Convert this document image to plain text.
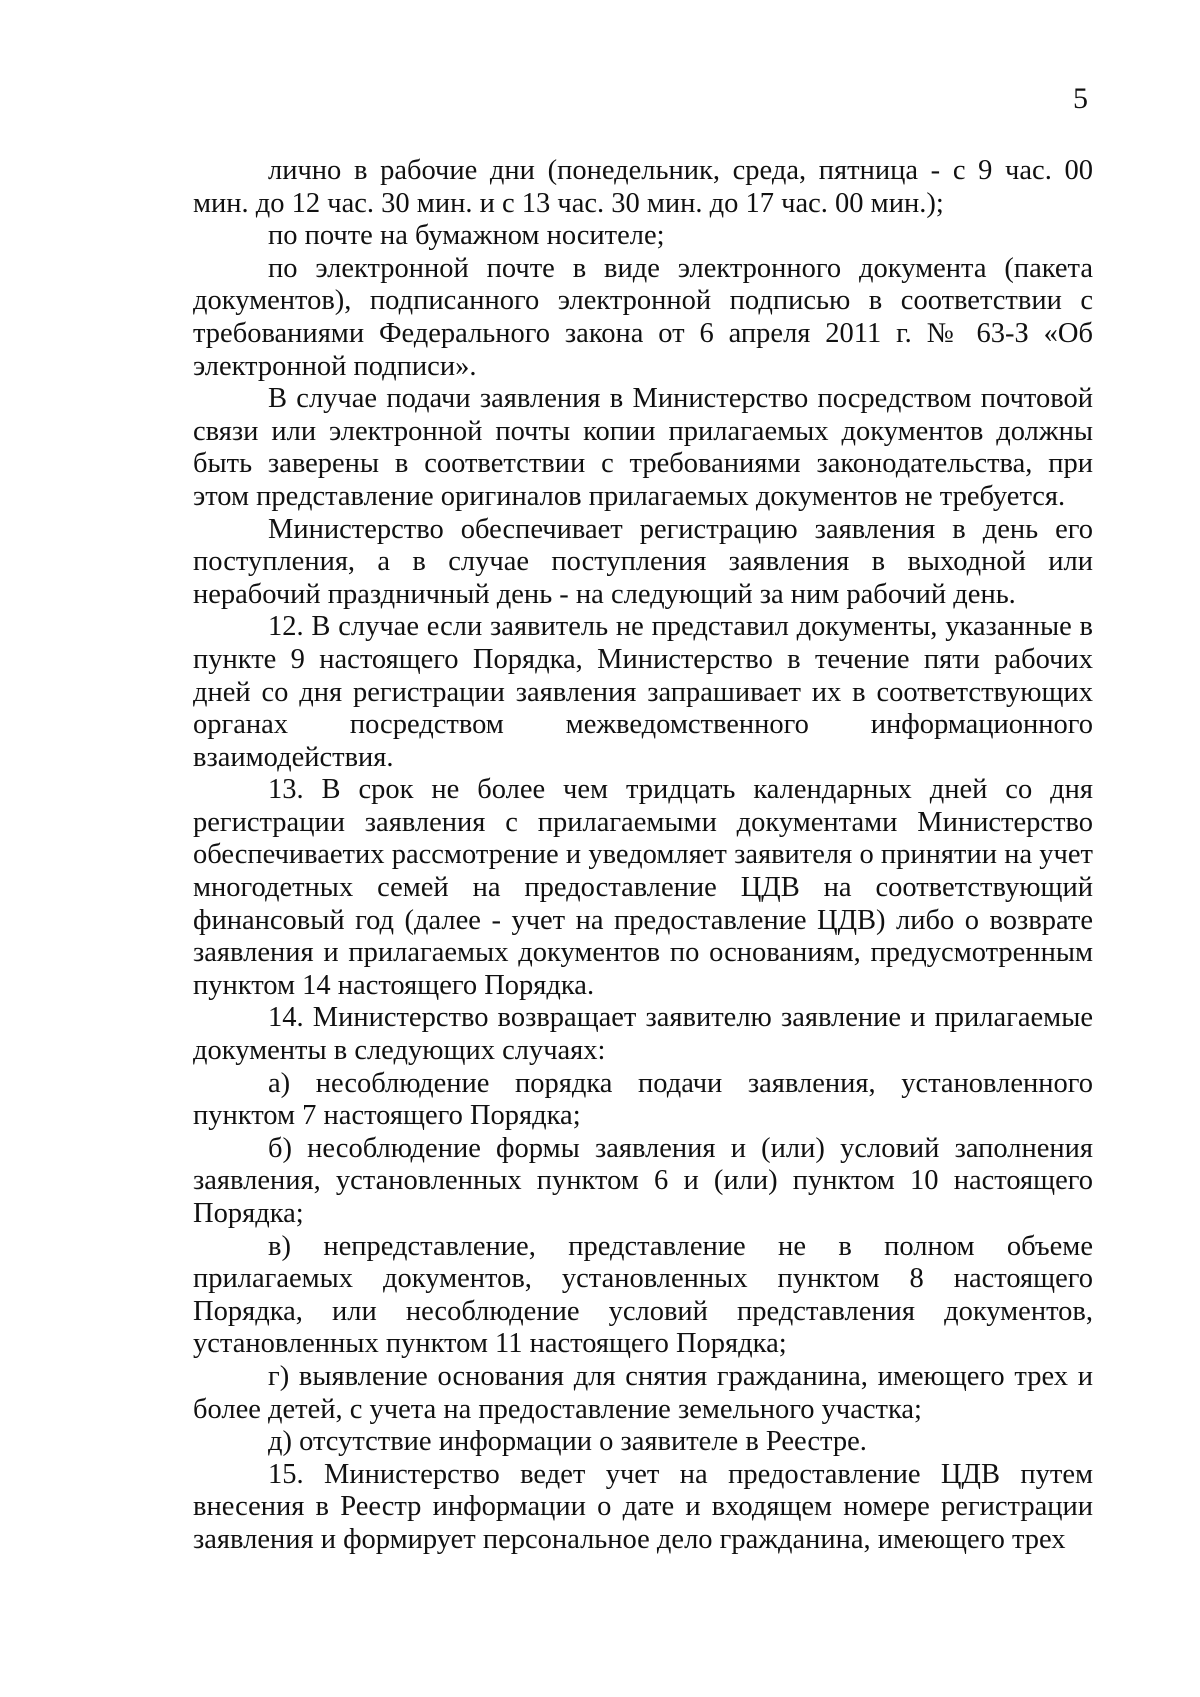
5

лично в рабочие дни (понедельник, среда, пятница - с 9 час. 00 мин. до 12 час. 30 мин. и с 13 час. 30 мин. до 17 час. 00 мин.);

по почте на бумажном носителе;

по электронной почте в виде электронного документа (пакета документов), подписанного электронной подписью в соответствии с требованиями Федерального закона от 6 апреля 2011 г. № 63-З «Об электронной подписи».

В случае подачи заявления в Министерство посредством почтовой связи или электронной почты копии прилагаемых документов должны быть заверены в соответствии с требованиями законодательства, при этом представление оригиналов прилагаемых документов не требуется.

Министерство обеспечивает регистрацию заявления в день его поступления, а в случае поступления заявления в выходной или нерабочий праздничный день - на следующий за ним рабочий день.

12. В случае если заявитель не представил документы, указанные в пункте 9 настоящего Порядка, Министерство в течение пяти рабочих дней со дня регистрации заявления запрашивает их в соответствующих органах посредством межведомственного информационного взаимодействия.

13. В срок не более чем тридцать календарных дней со дня регистрации заявления с прилагаемыми документами Министерство обеспечиваетих рассмотрение и уведомляет заявителя о принятии на учет многодетных семей на предоставление ЦДВ на соответствующий финансовый год (далее - учет на предоставление ЦДВ) либо о возврате заявления и прилагаемых документов по основаниям, предусмотренным пунктом 14 настоящего Порядка.

14. Министерство возвращает заявителю заявление и прилагаемые документы в следующих случаях:

а) несоблюдение порядка подачи заявления, установленного пунктом 7 настоящего Порядка;

б) несоблюдение формы заявления и (или) условий заполнения заявления, установленных пунктом 6 и (или) пунктом 10 настоящего Порядка;

в) непредставление, представление не в полном объеме прилагаемых документов, установленных пунктом 8 настоящего Порядка, или несоблюдение условий представления документов, установленных пунктом 11 настоящего Порядка;

г) выявление основания для снятия гражданина, имеющего трех и более детей, с учета на предоставление земельного участка;

д) отсутствие информации о заявителе в Реестре.

15. Министерство ведет учет на предоставление ЦДВ путем внесения в Реестр информации о дате и входящем номере регистрации заявления и формирует персональное дело гражданина, имеющего трех
